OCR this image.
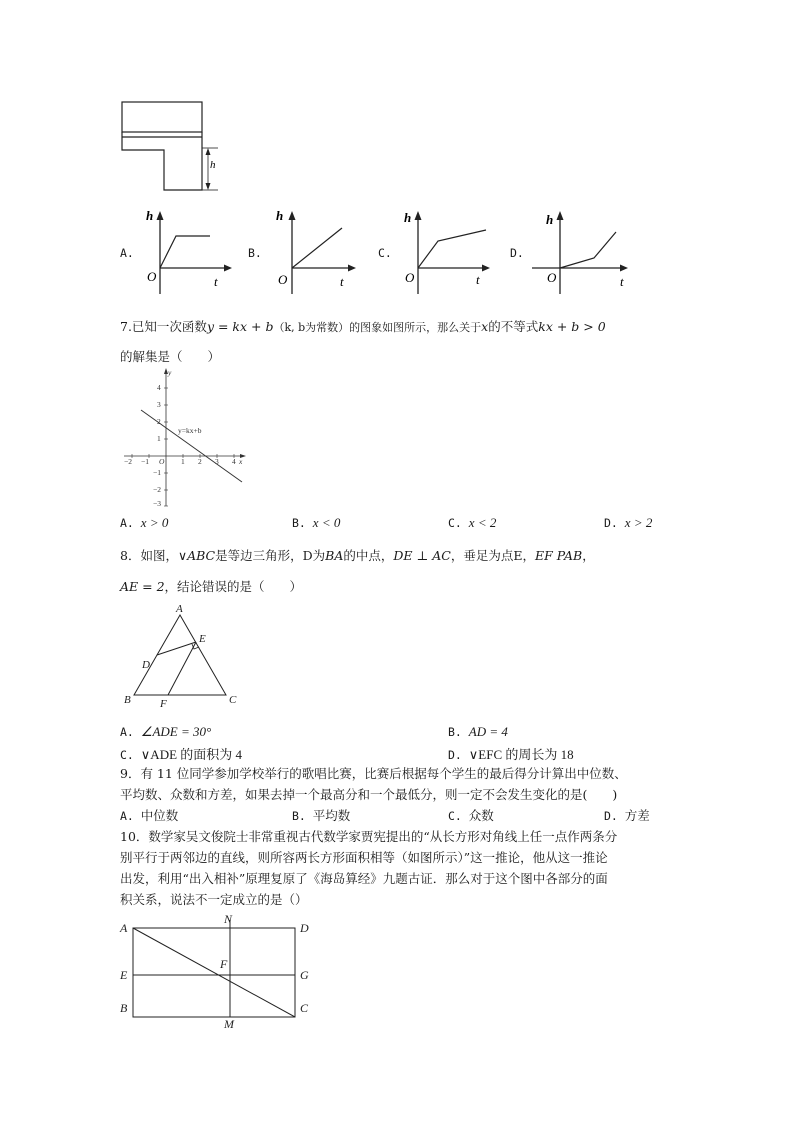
h
A.
h
t
O
B.
h
t
O
C.
h
t
O
D.
h
t
O
7.已知一次函数y = kx + b（k, b为常数）的图象如图所示，那么关于x的不等式kx + b > 0
的解集是（　　）
−2 −1	1 2 3 4
4
3
2
1
−1
−2
−3
y
x
O
y=kx+b
A. x > 0	B. x < 0	C. x < 2	D. x > 2
8．如图，∨ABC是等边三角形，D为BA的中点，DE ⊥ AC，垂足为点E，EF PAB，
AE = 2，结论错误的是（　　）
A
E
D
B	F	C
A. ∠ADE = 30°	B. AD = 4
C. ∨ADE 的面积为 4	D. ∨EFC 的周长为 18
9．有 11 位同学参加学校举行的歌唱比赛，比赛后根据每个学生的最后得分计算出中位数、
平均数、众数和方差，如果去掉一个最高分和一个最低分，则一定不会发生变化的是(　　)
A. 中位数	B. 平均数	C. 众数	D. 方差
10．数学家吴文俊院士非常重视古代数学家贾宪提出的“从长方形对角线上任一点作两条分
别平行于两邻边的直线，则所容两长方形面积相等（如图所示）”这一推论，他从这一推论
出发，利用“出入相补”原理复原了《海岛算经》九题古证．那么对于这个图中各部分的面
积关系，说法不一定成立的是（）
A
N
D
E
F
G
B
M
C
